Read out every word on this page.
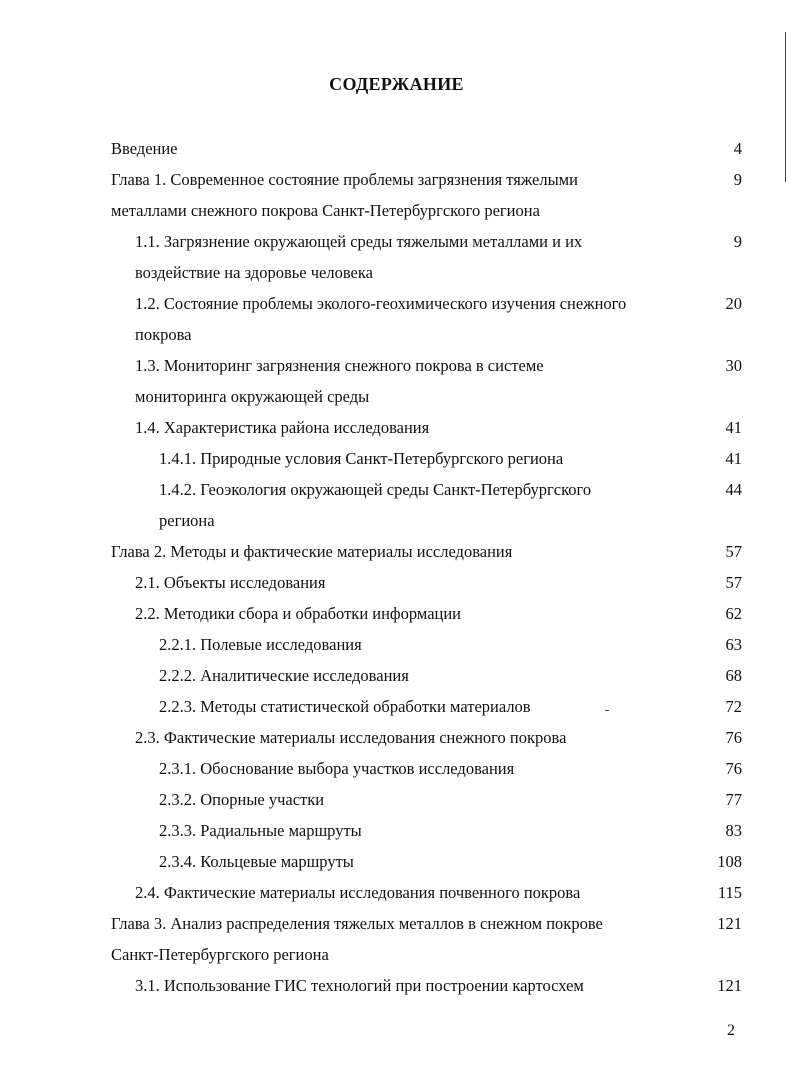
СОДЕРЖАНИЕ
Введение	4
Глава 1. Современное состояние проблемы загрязнения тяжелыми	9
металлами снежного покрова Санкт-Петербургского региона
1.1. Загрязнение окружающей среды тяжелыми металлами и их	9
воздействие на здоровье человека
1.2. Состояние проблемы эколого-геохимического изучения снежного	20
покрова
1.3. Мониторинг загрязнения снежного покрова в системе	30
мониторинга окружающей среды
1.4. Характеристика района исследования	41
1.4.1. Природные условия Санкт-Петербургского региона	41
1.4.2. Геоэкология окружающей среды Санкт-Петербургского	44
региона
Глава 2. Методы и фактические материалы исследования	57
2.1. Объекты исследования	57
2.2. Методики сбора и обработки информации	62
2.2.1. Полевые исследования	63
2.2.2. Аналитические исследования	68
2.2.3. Методы статистической обработки материалов	72
2.3. Фактические материалы исследования снежного покрова	76
2.3.1. Обоснование выбора участков исследования	76
2.3.2. Опорные участки	77
2.3.3. Радиальные маршруты	83
2.3.4. Кольцевые маршруты	108
2.4. Фактические материалы исследования почвенного покрова	115
Глава 3. Анализ распределения тяжелых металлов в снежном покрове	121
Санкт-Петербургского региона
3.1. Использование ГИС технологий при построении картосхем	121
2
